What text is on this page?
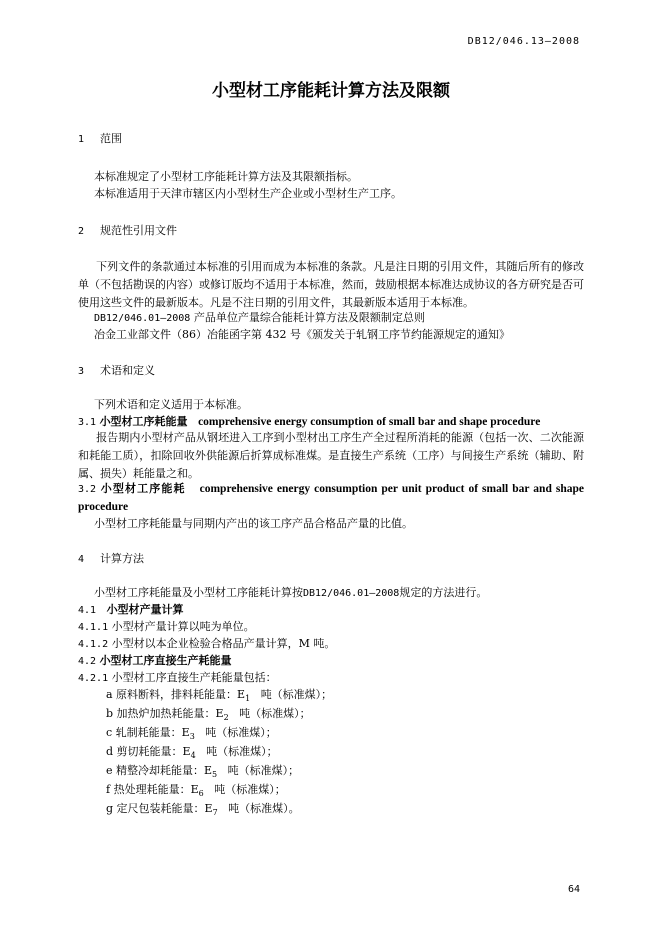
DB12/046.13—2008
小型材工序能耗计算方法及限额
1 范围
本标准规定了小型材工序能耗计算方法及其限额指标。
本标准适用于天津市辖区内小型材生产企业或小型材生产工序。
2 规范性引用文件
下列文件的条款通过本标准的引用而成为本标准的条款。凡是注日期的引用文件，其随后所有的修改单（不包括勘误的内容）或修订版均不适用于本标准，然而，鼓励根据本标准达成协议的各方研究是否可使用这些文件的最新版本。凡是不注日期的引用文件，其最新版本适用于本标准。
DB12/046.01—2008 产品单位产量综合能耗计算方法及限额制定总则
冶金工业部文件（86）冶能函字第 432 号《颁发关于轧钢工序节约能源规定的通知》
3 术语和定义
下列术语和定义适用于本标准。
3.1 小型材工序耗能量 comprehensive energy consumption of small bar and shape procedure
报告期内小型材产品从钢坯进入工序到小型材出工序生产全过程所消耗的能源（包括一次、二次能源和耗能工质），扣除回收外供能源后折算成标准煤。是直接生产系统（工序）与间接生产系统（辅助、附属、损失）耗能量之和。
3.2 小型材工序能耗 comprehensive energy consumption per unit product of small bar and shape procedure
小型材工序耗能量与同期内产出的该工序产品合格品产量的比值。
4 计算方法
小型材工序耗能量及小型材工序能耗计算按DB12/046.01—2008规定的方法进行。
4.1 小型材产量计算
4.1.1 小型材产量计算以吨为单位。
4.1.2 小型材以本企业检验合格品产量计算，M 吨。
4.2 小型材工序直接生产耗能量
4.2.1 小型材工序直接生产耗能量包括：
a 原料断料，排料耗能量：$E_1$ 吨（标准煤）；
b 加热炉加热耗能量：$E_2$ 吨（标准煤）；
c 轧制耗能量：$E_3$ 吨（标准煤）；
d 剪切耗能量：$E_4$ 吨（标准煤）；
e 精整冷却耗能量：$E_5$ 吨（标准煤）；
f 热处理耗能量：$E_6$ 吨（标准煤）；
g 定尺包装耗能量：$E_7$ 吨（标准煤）。
64
